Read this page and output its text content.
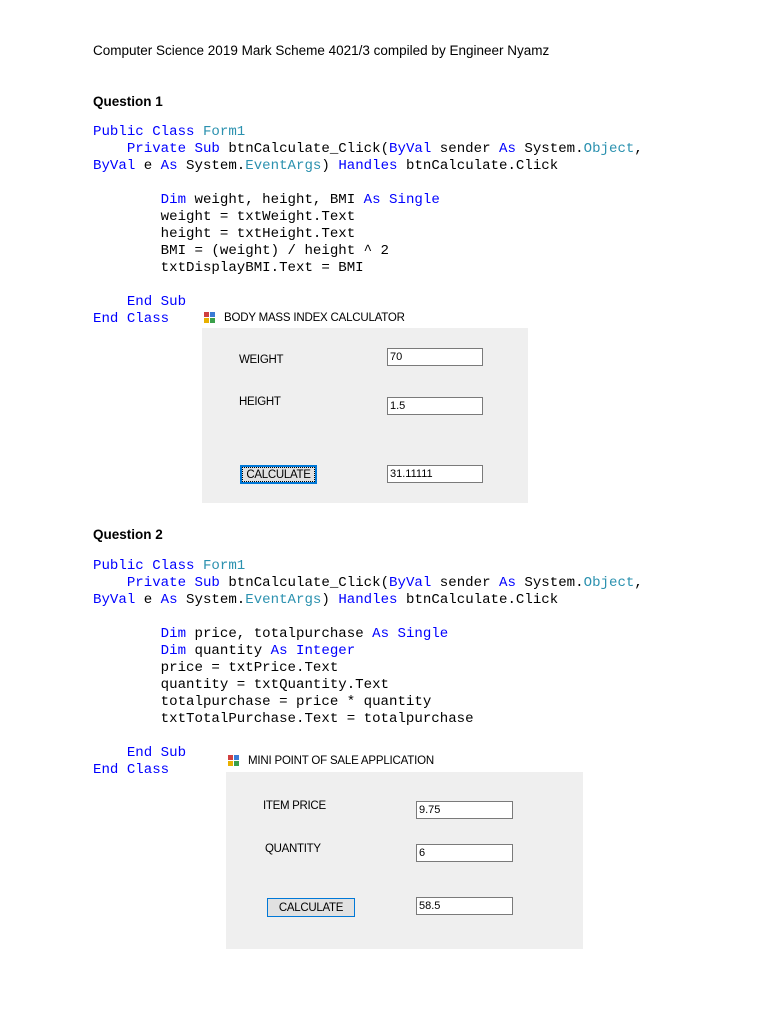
Computer Science 2019 Mark Scheme 4021/3 compiled by Engineer Nyamz
Question 1
Public Class Form1
Private Sub btnCalculate_Click(ByVal sender As System.Object,
ByVal e As System.EventArgs) Handles btnCalculate.Click

Dim weight, height, BMI As Single
weight = txtWeight.Text
height = txtHeight.Text
BMI = (weight) / height ^ 2
txtDisplayBMI.Text = BMI

End Sub
End Class	BODY MASS INDEX CALCULATOR
WEIGHT	70
HEIGHT	1.5
CALCULATE	31.11111
Question 2
Public Class Form1
Private Sub btnCalculate_Click(ByVal sender As System.Object,
ByVal e As System.EventArgs) Handles btnCalculate.Click

Dim price, totalpurchase As Single
Dim quantity As Integer
price = txtPrice.Text
quantity = txtQuantity.Text
totalpurchase = price * quantity
txtTotalPurchase.Text = totalpurchase

End Sub
End Class
MINI POINT OF SALE APPLICATION
ITEM PRICE	9.75
QUANTITY	6
CALCULATE	58.5
